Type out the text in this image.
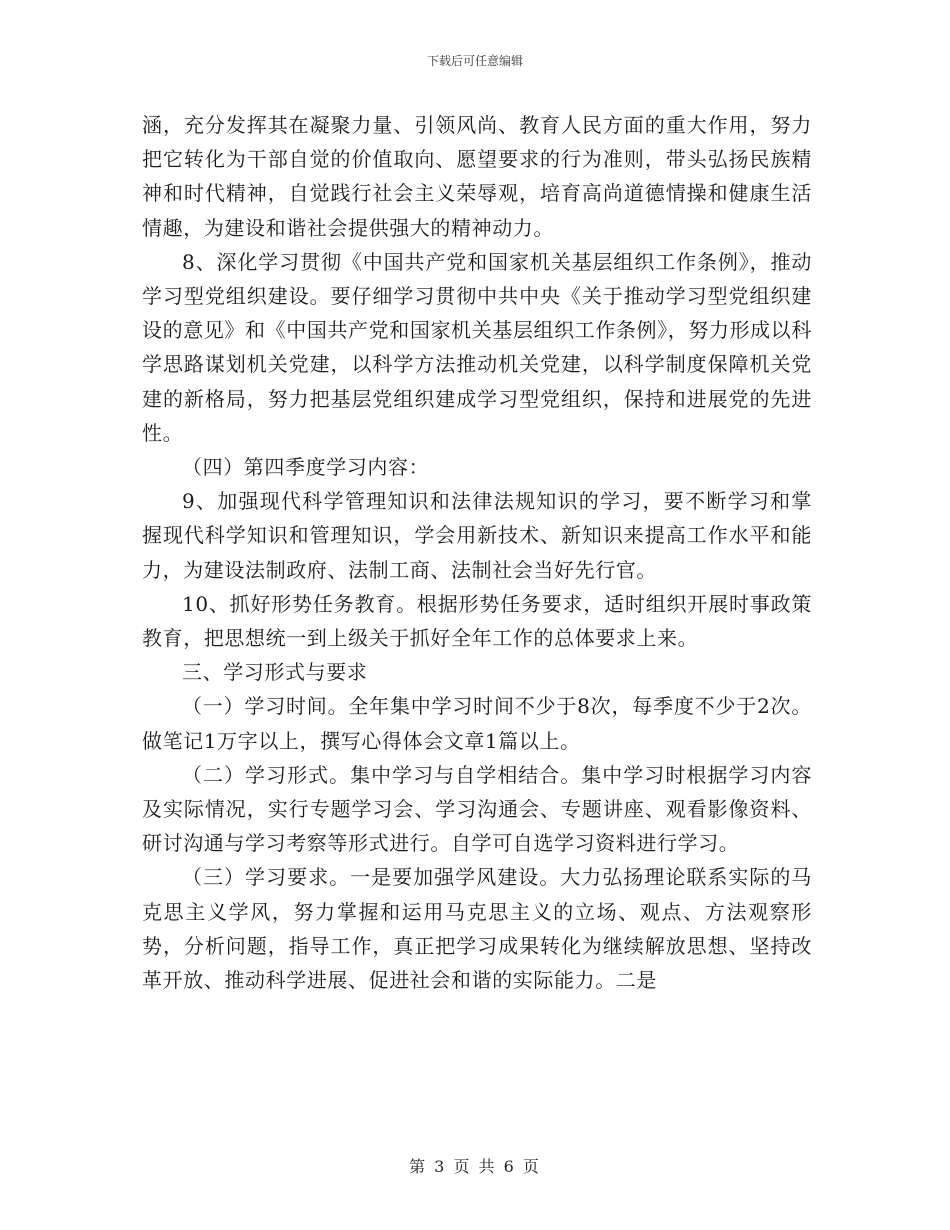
下载后可任意编辑

涵，充分发挥其在凝聚力量、引领风尚、教育人民方面的重大作用，努力把它转化为干部自觉的价值取向、愿望要求的行为准则，带头弘扬民族精神和时代精神，自觉践行社会主义荣辱观，培育高尚道德情操和健康生活情趣，为建设和谐社会提供强大的精神动力。

8、深化学习贯彻《中国共产党和国家机关基层组织工作条例》，推动学习型党组织建设。要仔细学习贯彻中共中央《关于推动学习型党组织建设的意见》和《中国共产党和国家机关基层组织工作条例》，努力形成以科学思路谋划机关党建，以科学方法推动机关党建，以科学制度保障机关党建的新格局，努力把基层党组织建成学习型党组织，保持和进展党的先进性。

（四）第四季度学习内容：

9、加强现代科学管理知识和法律法规知识的学习，要不断学习和掌握现代科学知识和管理知识，学会用新技术、新知识来提高工作水平和能力，为建设法制政府、法制工商、法制社会当好先行官。

10、抓好形势任务教育。根据形势任务要求，适时组织开展时事政策教育，把思想统一到上级关于抓好全年工作的总体要求上来。

三、学习形式与要求

（一）学习时间。全年集中学习时间不少于8次，每季度不少于2次。做笔记1万字以上，撰写心得体会文章1篇以上。

（二）学习形式。集中学习与自学相结合。集中学习时根据学习内容及实际情况，实行专题学习会、学习沟通会、专题讲座、观看影像资料、研讨沟通与学习考察等形式进行。自学可自选学习资料进行学习。

（三）学习要求。一是要加强学风建设。大力弘扬理论联系实际的马克思主义学风，努力掌握和运用马克思主义的立场、观点、方法观察形势，分析问题，指导工作，真正把学习成果转化为继续解放思想、坚持改革开放、推动科学进展、促进社会和谐的实际能力。二是

第 3 页 共 6 页
